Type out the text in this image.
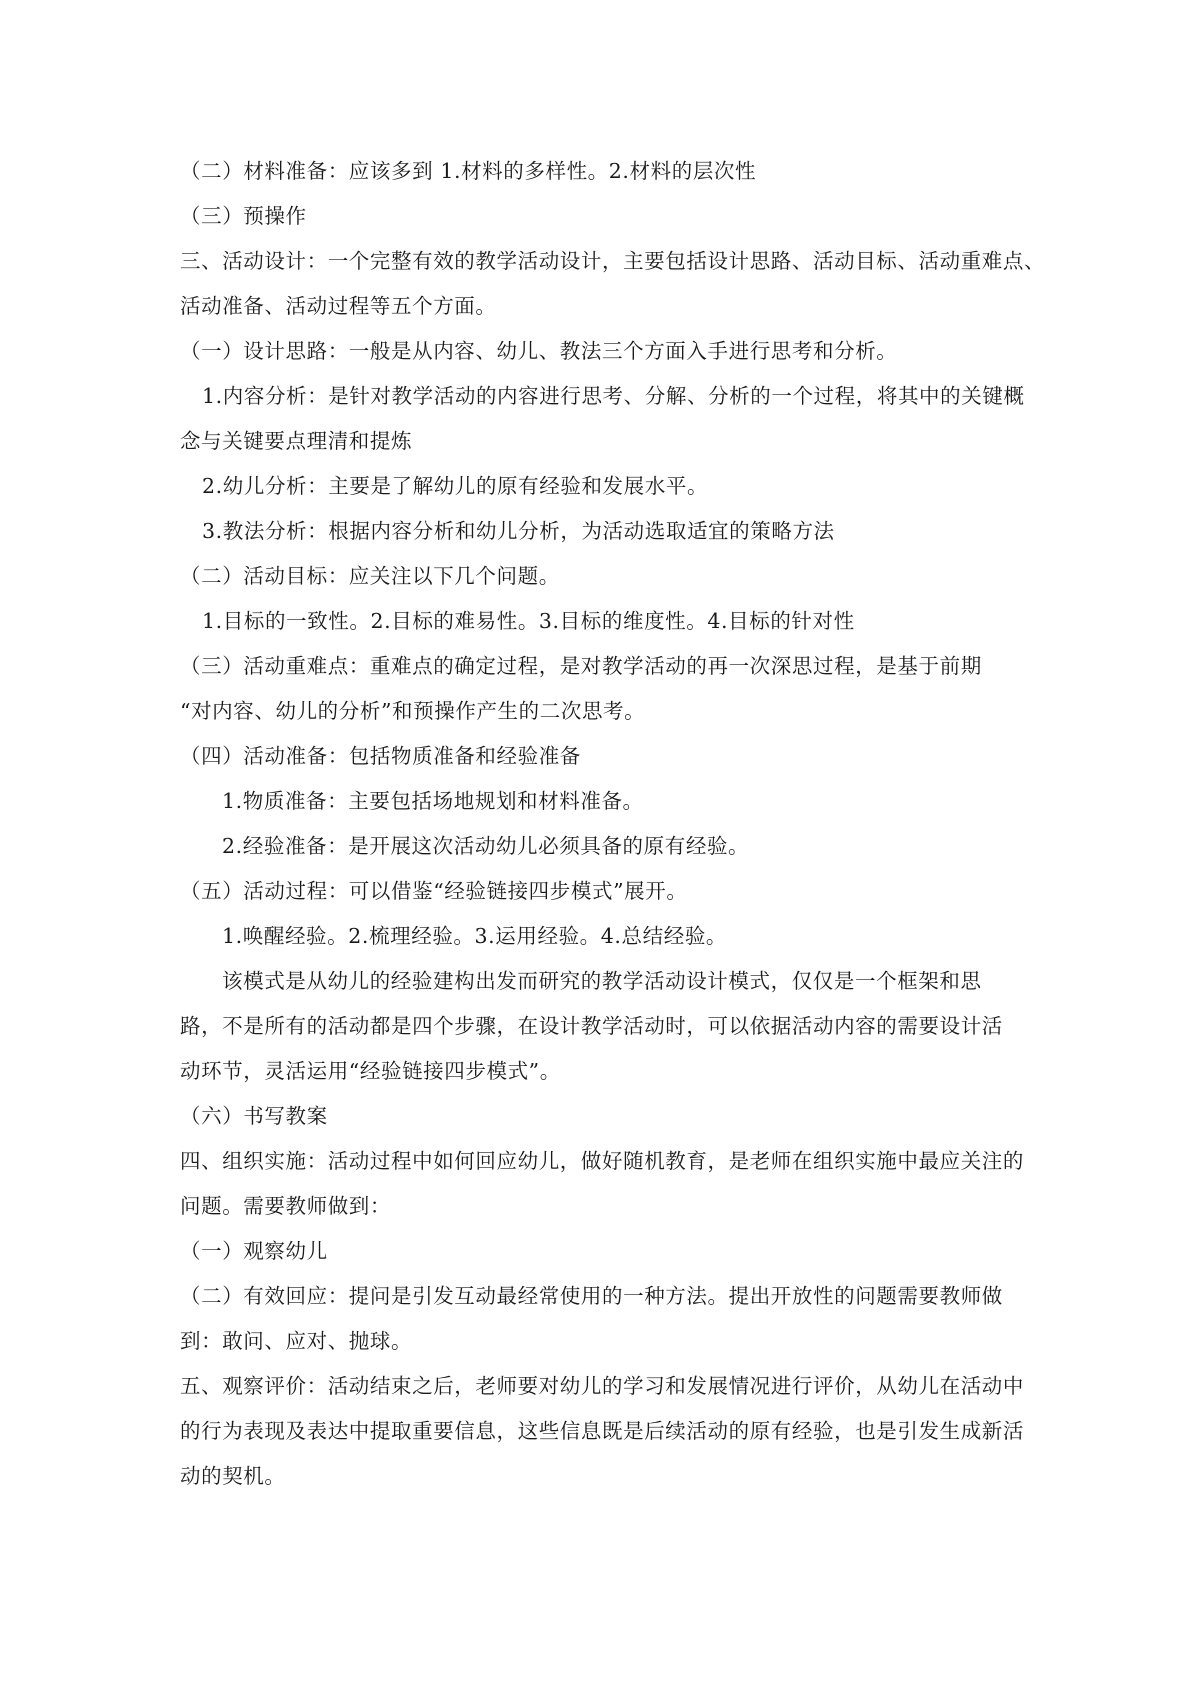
（二）材料准备：应该多到 1.材料的多样性。2.材料的层次性
（三）预操作
三、活动设计：一个完整有效的教学活动设计，主要包括设计思路、活动目标、活动重难点、
活动准备、活动过程等五个方面。
（一）设计思路：一般是从内容、幼儿、教法三个方面入手进行思考和分析。
1.内容分析：是针对教学活动的内容进行思考、分解、分析的一个过程，将其中的关键概
念与关键要点理清和提炼
2.幼儿分析：主要是了解幼儿的原有经验和发展水平。
3.教法分析：根据内容分析和幼儿分析，为活动选取适宜的策略方法
（二）活动目标：应关注以下几个问题。
1.目标的一致性。2.目标的难易性。3.目标的维度性。4.目标的针对性
（三）活动重难点：重难点的确定过程，是对教学活动的再一次深思过程，是基于前期
“对内容、幼儿的分析”和预操作产生的二次思考。
（四）活动准备：包括物质准备和经验准备
1.物质准备：主要包括场地规划和材料准备。
2.经验准备：是开展这次活动幼儿必须具备的原有经验。
（五）活动过程：可以借鉴“经验链接四步模式”展开。
1.唤醒经验。2.梳理经验。3.运用经验。4.总结经验。
该模式是从幼儿的经验建构出发而研究的教学活动设计模式，仅仅是一个框架和思
路，不是所有的活动都是四个步骤，在设计教学活动时，可以依据活动内容的需要设计活
动环节，灵活运用“经验链接四步模式”。
（六）书写教案
四、组织实施：活动过程中如何回应幼儿，做好随机教育，是老师在组织实施中最应关注的
问题。需要教师做到：
（一）观察幼儿
（二）有效回应：提问是引发互动最经常使用的一种方法。提出开放性的问题需要教师做
到：敢问、应对、抛球。
五、观察评价：活动结束之后，老师要对幼儿的学习和发展情况进行评价，从幼儿在活动中
的行为表现及表达中提取重要信息，这些信息既是后续活动的原有经验，也是引发生成新活
动的契机。
